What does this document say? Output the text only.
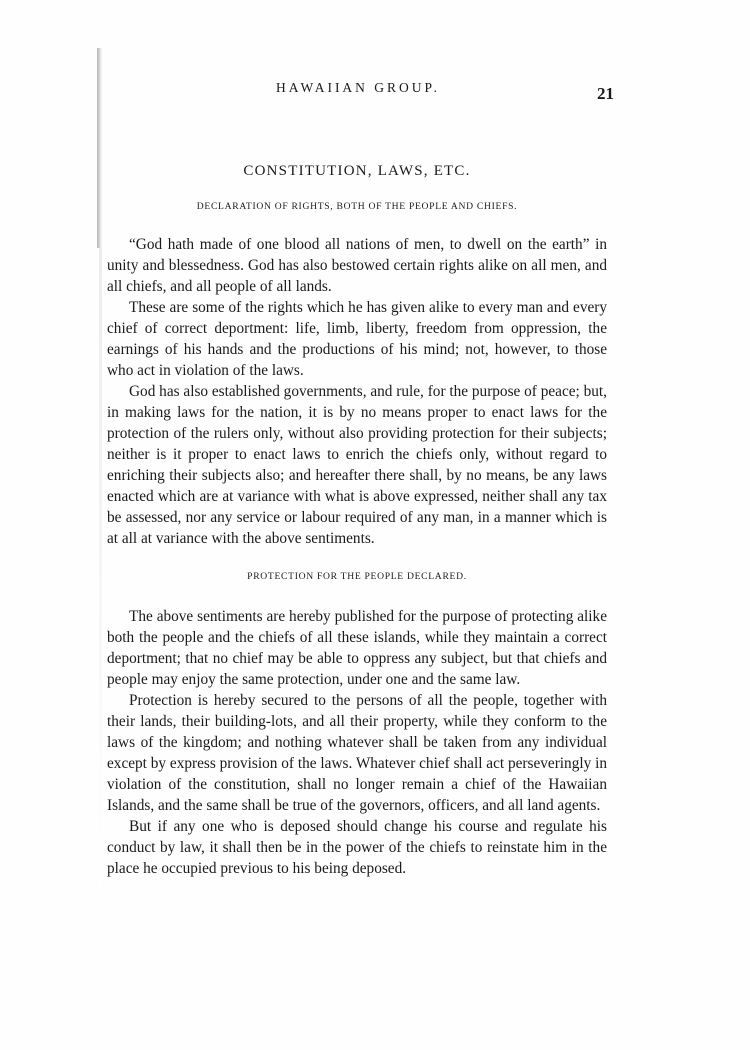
HAWAIIAN GROUP.	21
CONSTITUTION, LAWS, ETC.
DECLARATION OF RIGHTS, BOTH OF THE PEOPLE AND CHIEFS.

“God hath made of one blood all nations of men, to dwell on the earth” in unity and blessedness. God has also bestowed certain rights alike on all men, and all chiefs, and all people of all lands.

These are some of the rights which he has given alike to every man and every chief of correct deportment: life, limb, liberty, freedom from oppression, the earnings of his hands and the productions of his mind; not, however, to those who act in violation of the laws.

God has also established governments, and rule, for the purpose of peace; but, in making laws for the nation, it is by no means proper to enact laws for the protection of the rulers only, without also providing protection for their subjects; neither is it proper to enact laws to enrich the chiefs only, without regard to enriching their subjects also; and hereafter there shall, by no means, be any laws enacted which are at variance with what is above expressed, neither shall any tax be assessed, nor any service or labour required of any man, in a manner which is at all at variance with the above sentiments.

PROTECTION FOR THE PEOPLE DECLARED.

The above sentiments are hereby published for the purpose of protecting alike both the people and the chiefs of all these islands, while they maintain a correct deportment; that no chief may be able to oppress any subject, but that chiefs and people may enjoy the same protection, under one and the same law.

Protection is hereby secured to the persons of all the people, together with their lands, their building-lots, and all their property, while they conform to the laws of the kingdom; and nothing whatever shall be taken from any individual except by express provision of the laws. Whatever chief shall act perseveringly in violation of the constitution, shall no longer remain a chief of the Hawaiian Islands, and the same shall be true of the governors, officers, and all land agents.

But if any one who is deposed should change his course and regulate his conduct by law, it shall then be in the power of the chiefs to reinstate him in the place he occupied previous to his being deposed.
